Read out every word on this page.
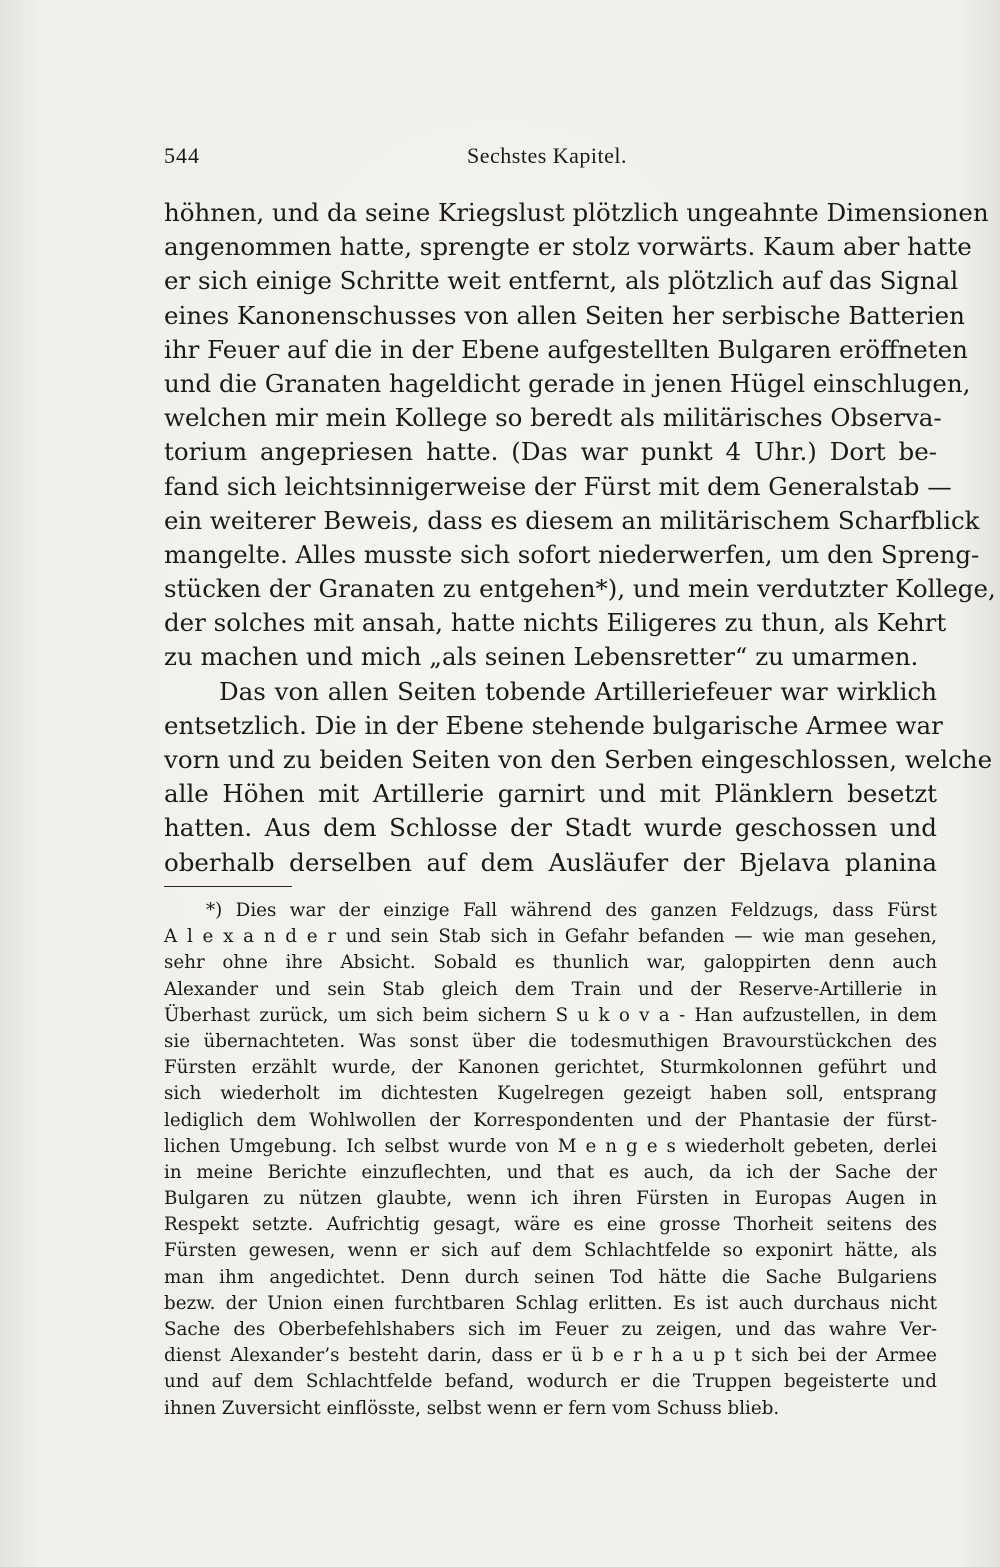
544	Sechstes Kapitel.
höhnen, und da seine Kriegslust plötzlich ungeahnte Dimensionen
angenommen hatte, sprengte er stolz vorwärts. Kaum aber hatte
er sich einige Schritte weit entfernt, als plötzlich auf das Signal
eines Kanonenschusses von allen Seiten her serbische Batterien
ihr Feuer auf die in der Ebene aufgestellten Bulgaren eröffneten
und die Granaten hageldicht gerade in jenen Hügel einschlugen,
welchen mir mein Kollege so beredt als militärisches Observa-
torium angepriesen hatte. (Das war punkt 4 Uhr.) Dort be-
fand sich leichtsinnigerweise der Fürst mit dem Generalstab —
ein weiterer Beweis, dass es diesem an militärischem Scharfblick
mangelte. Alles musste sich sofort niederwerfen, um den Spreng-
stücken der Granaten zu entgehen*), und mein verdutzter Kollege,
der solches mit ansah, hatte nichts Eiligeres zu thun, als Kehrt
zu machen und mich „als seinen Lebensretter“ zu umarmen.
Das von allen Seiten tobende Artilleriefeuer war wirklich
entsetzlich. Die in der Ebene stehende bulgarische Armee war
vorn und zu beiden Seiten von den Serben eingeschlossen, welche
alle Höhen mit Artillerie garnirt und mit Plänklern besetzt
hatten. Aus dem Schlosse der Stadt wurde geschossen und
oberhalb derselben auf dem Ausläufer der Bjelava planina
*) Dies war der einzige Fall während des ganzen Feldzugs, dass Fürst
A l e x a n d e r und sein Stab sich in Gefahr befanden — wie man gesehen,
sehr ohne ihre Absicht. Sobald es thunlich war, galoppirten denn auch
Alexander und sein Stab gleich dem Train und der Reserve-Artillerie in
Überhast zurück, um sich beim sichern S u k o v a - Han aufzustellen, in dem
sie übernachteten. Was sonst über die todesmuthigen Bravourstückchen des
Fürsten erzählt wurde, der Kanonen gerichtet, Sturmkolonnen geführt und
sich wiederholt im dichtesten Kugelregen gezeigt haben soll, entsprang
lediglich dem Wohlwollen der Korrespondenten und der Phantasie der fürst-
lichen Umgebung. Ich selbst wurde von M e n g e s wiederholt gebeten, derlei
in meine Berichte einzuflechten, und that es auch, da ich der Sache der
Bulgaren zu nützen glaubte, wenn ich ihren Fürsten in Europas Augen in
Respekt setzte. Aufrichtig gesagt, wäre es eine grosse Thorheit seitens des
Fürsten gewesen, wenn er sich auf dem Schlachtfelde so exponirt hätte, als
man ihm angedichtet. Denn durch seinen Tod hätte die Sache Bulgariens
bezw. der Union einen furchtbaren Schlag erlitten. Es ist auch durchaus nicht
Sache des Oberbefehlshabers sich im Feuer zu zeigen, und das wahre Ver-
dienst Alexander’s besteht darin, dass er ü b e r h a u p t sich bei der Armee
und auf dem Schlachtfelde befand, wodurch er die Truppen begeisterte und
ihnen Zuversicht einflösste, selbst wenn er fern vom Schuss blieb.
